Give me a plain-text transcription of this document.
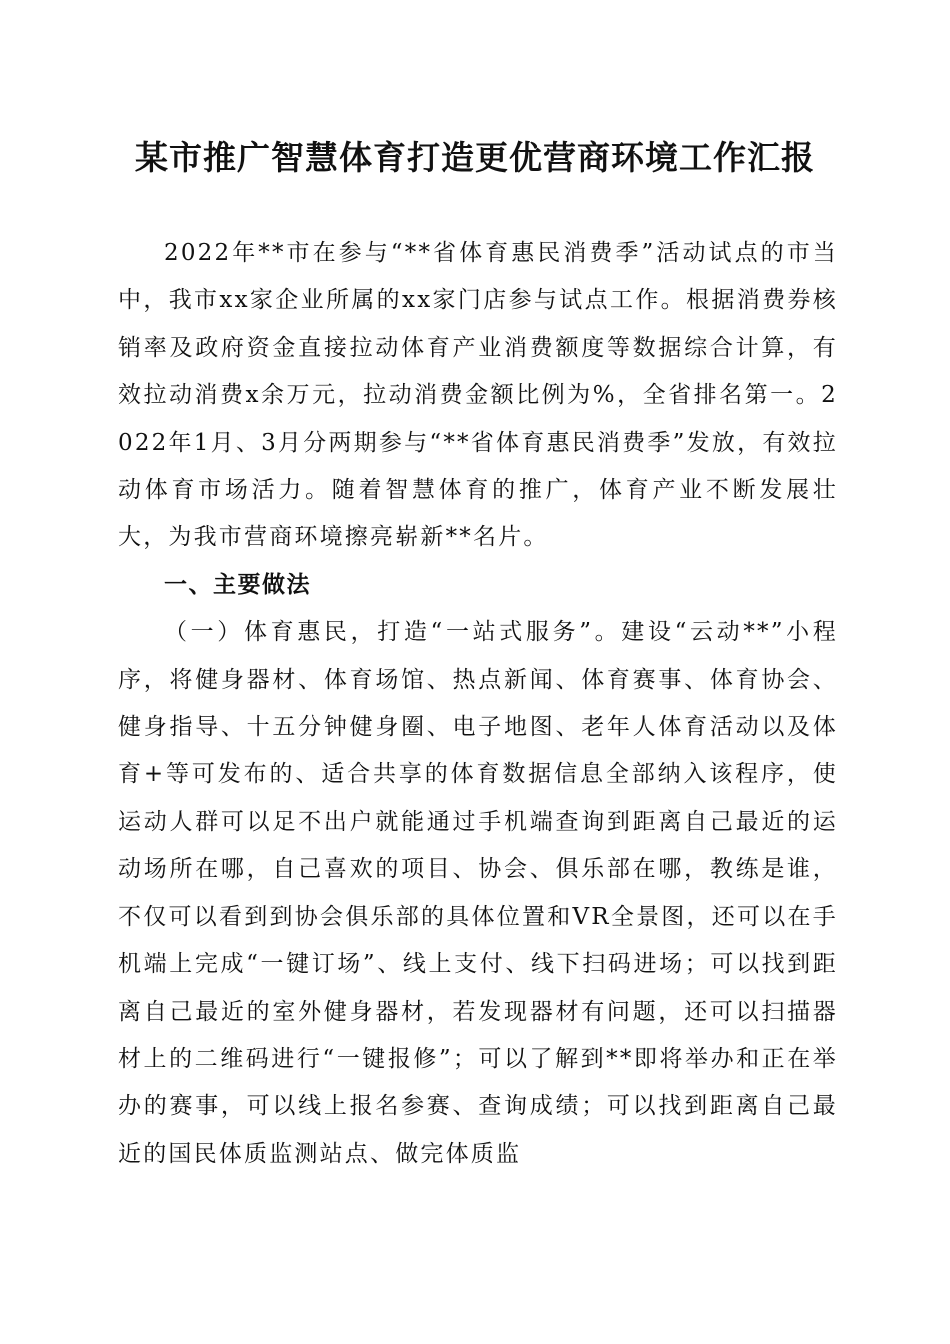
某市推广智慧体育打造更优营商环境工作汇报

2022年**市在参与“**省体育惠民消费季”活动试点的市当中，我市xx家企业所属的xx家门店参与试点工作。根据消费券核销率及政府资金直接拉动体育产业消费额度等数据综合计算，有效拉动消费x余万元，拉动消费金额比例为%，全省排名第一。2022年1月、3月分两期参与“**省体育惠民消费季”发放，有效拉动体育市场活力。随着智慧体育的推广，体育产业不断发展壮大，为我市营商环境擦亮崭新**名片。

一、主要做法

（一）体育惠民，打造“一站式服务”。建设“云动**”小程序，将健身器材、体育场馆、热点新闻、体育赛事、体育协会、健身指导、十五分钟健身圈、电子地图、老年人体育活动以及体育+等可发布的、适合共享的体育数据信息全部纳入该程序，使运动人群可以足不出户就能通过手机端查询到距离自己最近的运动场所在哪，自己喜欢的项目、协会、俱乐部在哪，教练是谁，不仅可以看到到协会俱乐部的具体位置和VR全景图，还可以在手机端上完成“一键订场”、线上支付、线下扫码进场；可以找到距离自己最近的室外健身器材，若发现器材有问题，还可以扫描器材上的二维码进行“一键报修”；可以了解到**即将举办和正在举办的赛事，可以线上报名参赛、查询成绩；可以找到距离自己最近的国民体质监测站点、做完体质监
